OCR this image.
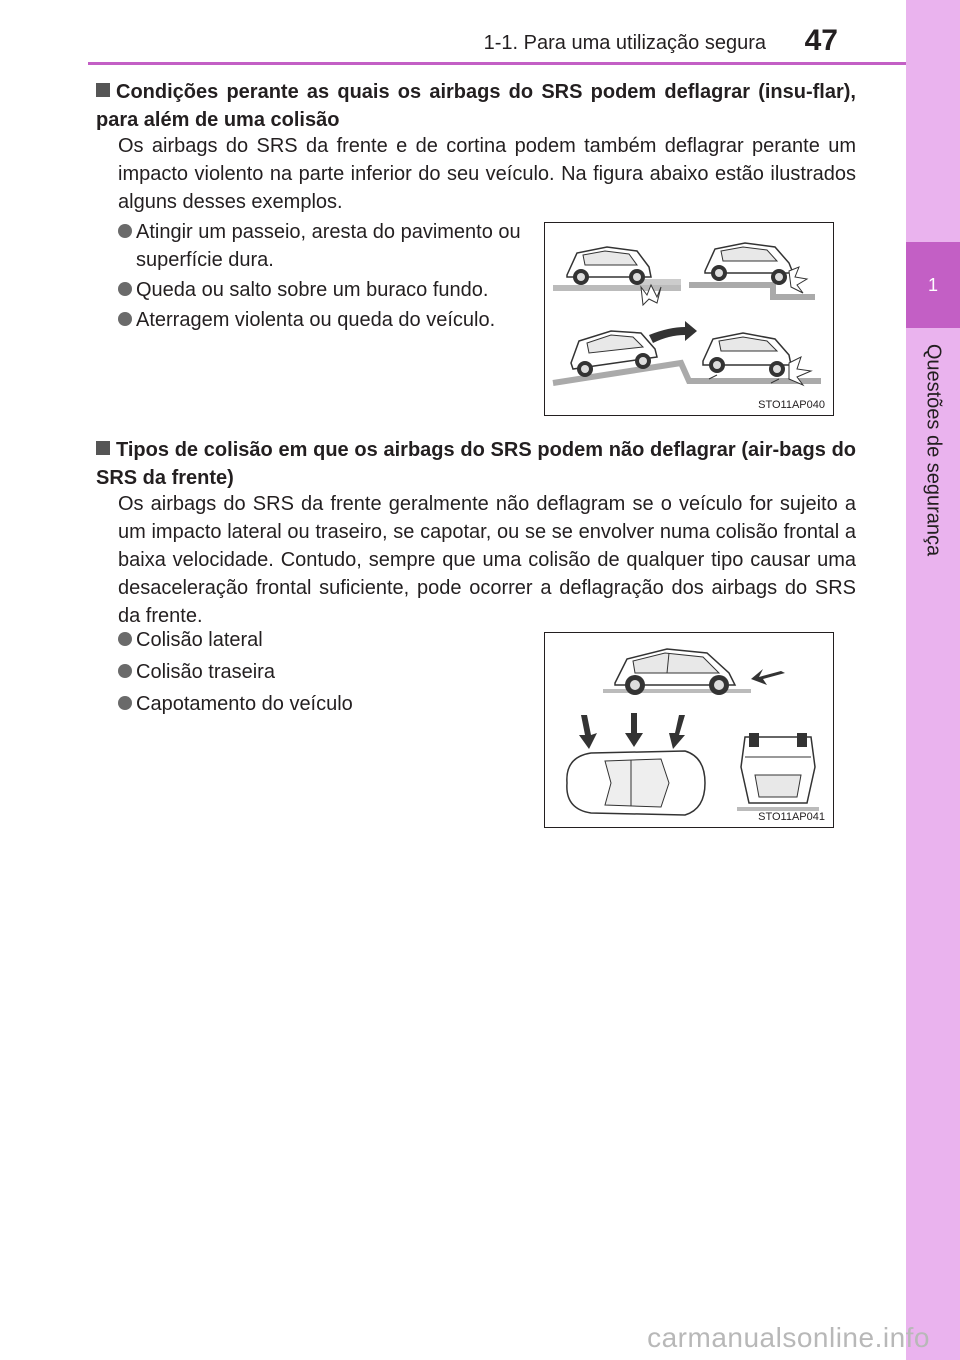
1
Questões de segurança
1-1. Para uma utilização segura 47
Condições perante as quais os airbags do SRS podem deflagrar (insu-flar), para além de uma colisão
Os airbags do SRS da frente e de cortina podem também deflagrar perante um impacto violento na parte inferior do seu veículo. Na figura abaixo estão ilustrados alguns desses exemplos.
Atingir um passeio, aresta do pavimento ou superfície dura.
Queda ou salto sobre um buraco fundo.
Aterragem violenta ou queda do veículo.
STO11AP040
Tipos de colisão em que os airbags do SRS podem não deflagrar (air-bags do SRS da frente)
Os airbags do SRS da frente geralmente não deflagram se o veículo for sujeito a um impacto lateral ou traseiro, se capotar, ou se se envolver numa colisão frontal a baixa velocidade. Contudo, sempre que uma colisão de qualquer tipo causar uma desaceleração frontal suficiente, pode ocorrer a deflagração dos airbags do SRS da frente.
Colisão lateral
Colisão traseira
Capotamento do veículo
STO11AP041
carmanualsonline.info
